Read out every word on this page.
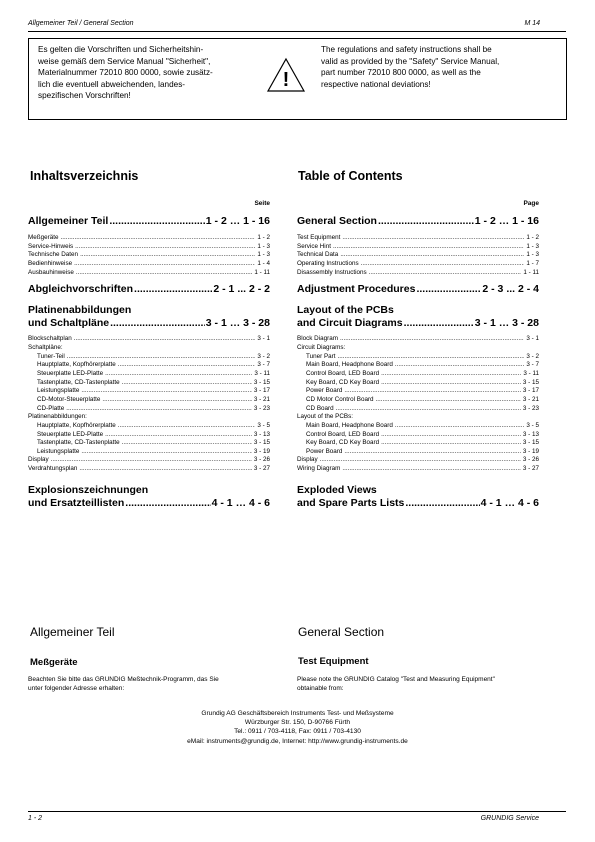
Allgemeiner Teil / General Section	M 14
Es gelten die Vorschriften und Sicherheitshin-
weise gemäß dem Service Manual "Sicherheit",
Materialnummer 72010 800 0000, sowie zusätz-
lich die eventuell abweichenden, landes-
spezifischen Vorschriften!
!
The regulations and safety instructions shall be
valid as provided by the "Safety" Service Manual,
part number 72010 800 0000, as well as the
respective national deviations!
Inhaltsverzeichnis
Seite
Allgemeiner Teil .....	1 - 2 … 1 - 16
Meßgeräte .....	1 - 2
Service-Hinweis .....	1 - 3
Technische Daten .....	1 - 3
Bedienhinweise .....	1 - 4
Ausbauhinweise .....	1 - 11
Abgleichvorschriften .....	2 - 1 ... 2 - 2
Platinenabbildungen
und Schaltpläne .....	3 - 1 … 3 - 28
Blockschaltplan .....	3 - 1
Schaltpläne:
Tuner-Teil .....	3 - 2
Hauptplatte, Kopfhörerplatte .....	3 - 7
Steuerplatte LED-Platte .....	3 - 11
Tastenplatte, CD-Tastenplatte .....	3 - 15
Leistungsplatte .....	3 - 17
CD-Motor-Steuerplatte .....	3 - 21
CD-Platte .....	3 - 23
Platinenabbildungen:
Hauptplatte, Kopfhörerplatte .....	3 - 5
Steuerplatte LED-Platte .....	3 - 13
Tastenplatte, CD-Tastenplatte .....	3 - 15
Leistungsplatte .....	3 - 19
Display .....	3 - 26
Verdrahtungsplan .....	3 - 27
Explosionszeichnungen
und Ersatzteillisten .....	4 - 1 … 4 - 6
Table of Contents
Page
General Section .....	1 - 2 … 1 - 16
Test Equipment .....	1 - 2
Service Hint .....	1 - 3
Technical Data .....	1 - 3
Operating Instructions .....	1 - 7
Disassembly Instructions .....	1 - 11
Adjustment Procedures .....	2 - 3 ... 2 - 4
Layout of the PCBs
and Circuit Diagrams .....	3 - 1 … 3 - 28
Block Diagram .....	3 - 1
Circuit Diagrams:
Tuner Part .....	3 - 2
Main Board, Headphone Board .....	3 - 7
Control Board, LED Board .....	3 - 11
Key Board, CD Key Board .....	3 - 15
Power Board .....	3 - 17
CD Motor Control Board .....	3 - 21
CD Board .....	3 - 23
Layout of the PCBs:
Main Board, Headphone Board .....	3 - 5
Control Board, LED Board .....	3 - 13
Key Board, CD Key Board .....	3 - 15
Power Board .....	3 - 19
Display .....	3 - 26
Wiring Diagram .....	3 - 27
Exploded Views
and Spare Parts Lists .....	4 - 1 … 4 - 6
Allgemeiner Teil	General Section
Meßgeräte	Test Equipment
Beachten Sie bitte das GRUNDIG Meßtechnik-Programm, das Sie
unter folgender Adresse erhalten:
Please note the GRUNDIG Catalog "Test and Measuring Equipment"
obtainable from:
Grundig AG Geschäftsbereich Instruments Test- und Meßsysteme
Würzburger Str. 150, D-90766 Fürth
Tel.: 0911 / 703-4118, Fax: 0911 / 703-4130
eMail: instruments@grundig.de, Internet: http://www.grundig-instruments.de
1 - 2	GRUNDIG Service
